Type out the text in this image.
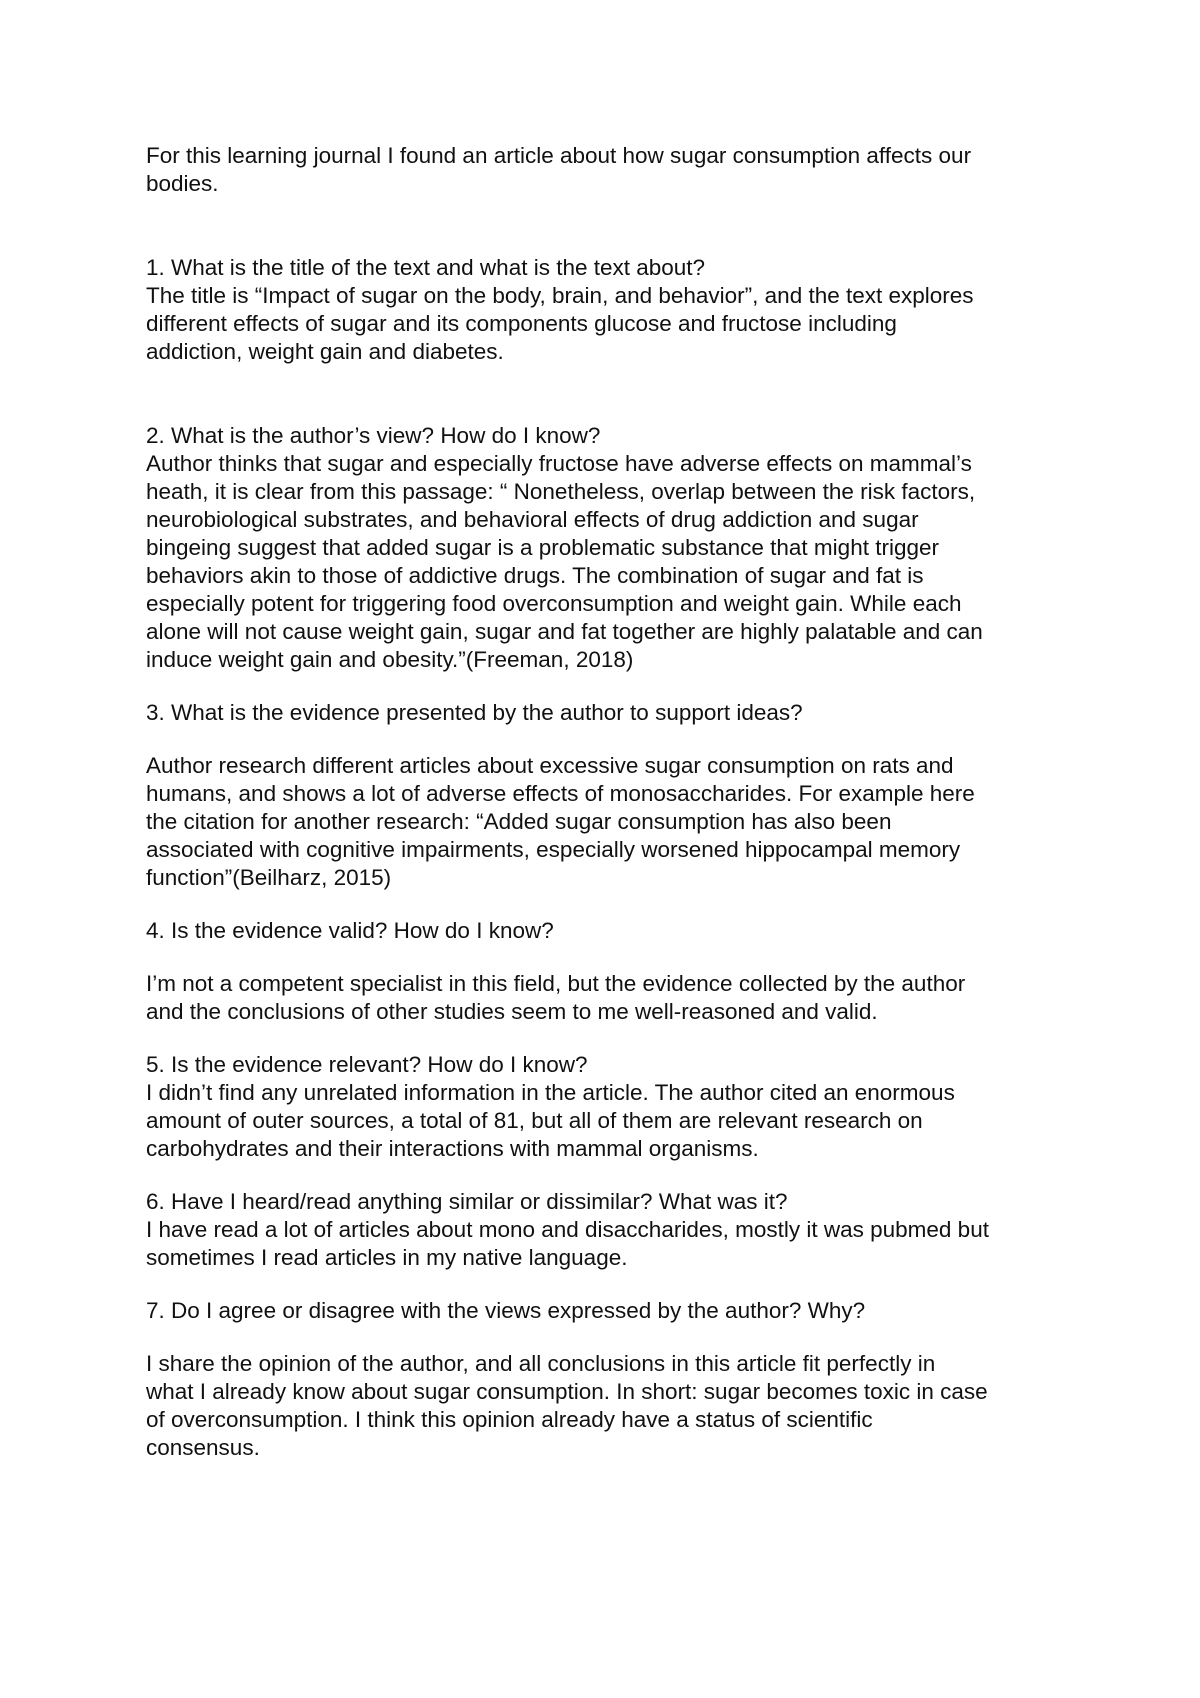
For this learning journal I found an article about how sugar consumption affects our
bodies.

1. What is the title of the text and what is the text about?

The title is “Impact of sugar on the body, brain, and behavior”, and the text explores
different effects of sugar and its components glucose and fructose including
addiction, weight gain and diabetes.

2. What is the author’s view? How do I know?

Author thinks that sugar and especially fructose have adverse effects on mammal’s
heath, it is clear from this passage: “ Nonetheless, overlap between the risk factors,
neurobiological substrates, and behavioral effects of drug addiction and sugar
bingeing suggest that added sugar is a problematic substance that might trigger
behaviors akin to those of addictive drugs. The combination of sugar and fat is
especially potent for triggering food overconsumption and weight gain. While each
alone will not cause weight gain, sugar and fat together are highly palatable and can
induce weight gain and obesity.”(Freeman, 2018)

3. What is the evidence presented by the author to support ideas?

Author research different articles about excessive sugar consumption on rats and
humans, and shows a lot of adverse effects of monosaccharides. For example here
the citation for another research: “Added sugar consumption has also been
associated with cognitive impairments, especially worsened hippocampal memory
function”(Beilharz, 2015)

4. Is the evidence valid? How do I know?

I’m not a competent specialist in this field, but the evidence collected by the author
and the conclusions of other studies seem to me well-reasoned and valid.

5. Is the evidence relevant? How do I know?

I didn’t find any unrelated information in the article. The author cited an enormous
amount of outer sources, a total of 81, but all of them are relevant research on
carbohydrates and their interactions with mammal organisms.

6. Have I heard/read anything similar or dissimilar? What was it?

I have read a lot of articles about mono and disaccharides, mostly it was pubmed but
sometimes I read articles in my native language.

7. Do I agree or disagree with the views expressed by the author? Why?

I share the opinion of the author, and all conclusions in this article fit perfectly in
what I already know about sugar consumption. In short: sugar becomes toxic in case
of overconsumption. I think this opinion already have a status of scientific
consensus.
